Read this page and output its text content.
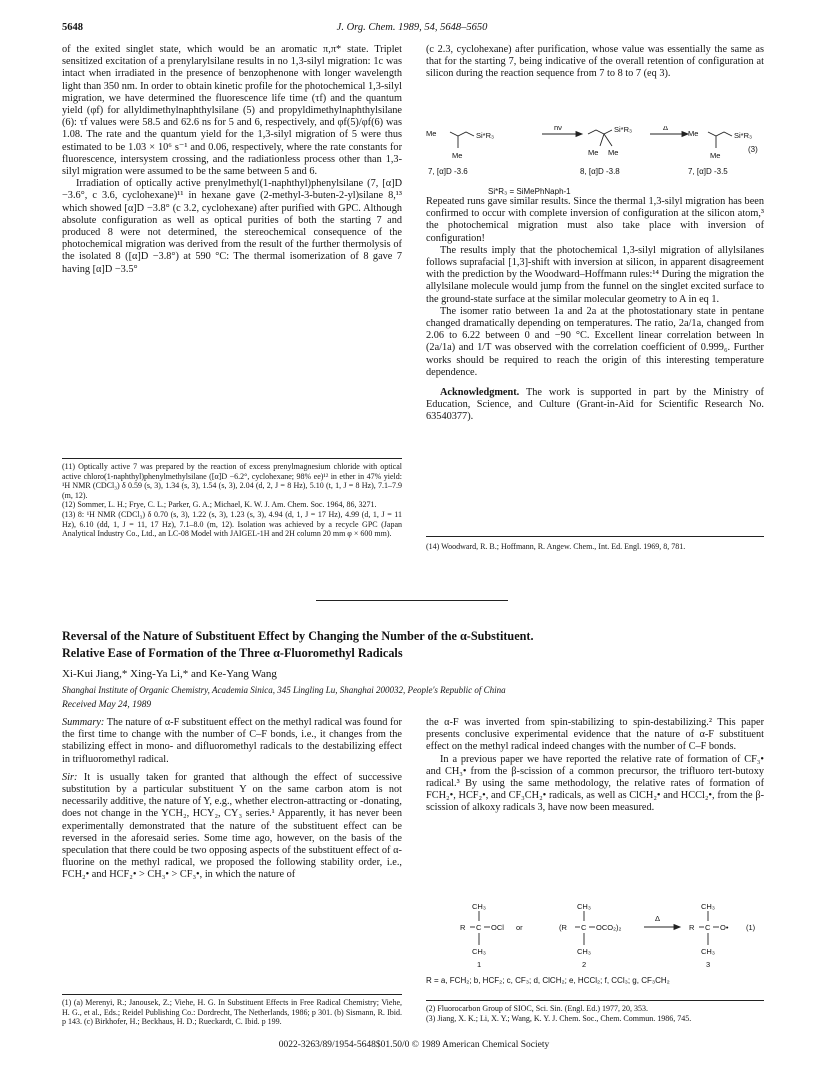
5648	J. Org. Chem. 1989, 54, 5648–5650

of the exited singlet state, which would be an aromatic π,π* state. Triplet sensitized excitation of a prenylarylsilane results in no 1,3-silyl migration: 1c was intact when irradiated in the presence of benzophenone with longer wavelength light than 350 nm. In order to obtain kinetic profile for the photochemical 1,3-silyl migration, we have determined the fluorescence life time (τf) and the quantum yield (φf) for allyldimethylnaphthylsilane (5) and propyldimethylnaphthylsilane (6): τf values were 58.5 and 62.6 ns for 5 and 6, respectively, and φf(5)/φf(6) was 1.08. The rate and the quantum yield for the 1,3-silyl migration of 5 were thus estimated to be 1.03 × 10⁶ s⁻¹ and 0.06, respectively, where the rate constants for fluorescence, intersystem crossing, and the radiationless process other than 1,3-silyl migration were assumed to be the same between 5 and 6.

Irradiation of optically active prenylmethyl(1-naphthyl)phenylsilane (7, [α]D −3.6°, c 3.6, cyclohexane)¹¹ in hexane gave (2-methyl-3-buten-2-yl)silane 8,¹³ which showed [α]D −3.8° (c 3.2, cyclohexane) after purified with GPC. Although absolute configuration as well as optical purities of both the starting 7 and produced 8 were not determined, the stereochemical consequence of the photochemical migration was derived from the result of the further thermolysis of the isolated 8 ([α]D −3.8°) at 590 °C: The thermal isomerization of 8 gave 7 having [α]D −3.5°

(11) Optically active 7 was prepared by the reaction of excess prenylmagnesium chloride with optical active chloro(1-naphthyl)phenylmethylsilane ([α]D −6.2°, cyclohexane; 98% ee)¹² in ether in 47% yield: ¹H NMR (CDCl₃) δ 0.59 (s, 3), 1.34 (s, 3), 1.54 (s, 3), 2.04 (d, 2, J = 8 Hz), 5.10 (t, 1, J = 8 Hz), 7.1–7.9 (m, 12).

(12) Sommer, L. H.; Frye, C. L.; Parker, G. A.; Michael, K. W. J. Am. Chem. Soc. 1964, 86, 3271.

(13) 8: ¹H NMR (CDCl₃) δ 0.70 (s, 3), 1.22 (s, 3), 1.23 (s, 3), 4.94 (d, 1, J = 17 Hz), 4.99 (d, 1, J = 11 Hz), 6.10 (dd, 1, J = 11, 17 Hz), 7.1–8.0 (m, 12). Isolation was achieved by a recycle GPC (Japan Analytical Industry Co., Ltd., an LC-08 Model with JAIGEL-1H and 2H column 20 mm φ × 600 mm).

(c 2.3, cyclohexane) after purification, whose value was essentially the same as that for the starting 7, being indicative of the overall retention of configuration at silicon during the reaction sequence from 7 to 8 to 7 (eq 3).

Me	Si*R₃
Me
hν	Si*R₃
Me Me
Δ
Me	Si*R₃
Me
7, [α]D -3.6	8, [α]D -3.8	7, [α]D -3.5
(3)
Si*R₃ = SiMePhNaph-1

Repeated runs gave similar results. Since the thermal 1,3-silyl migration has been confirmed to occur with complete inversion of configuration at the silicon atom,³ the photochemical migration must also take place with inversion of configuration!

The results imply that the photochemical 1,3-silyl migration of allylsilanes follows suprafacial [1,3]-shift with inversion at silicon, in apparent disagreement with the prediction by the Woodward–Hoffmann rules:¹⁴ During the migration the allylsilane molecule would jump from the funnel on the singlet excited surface to the ground-state surface at the similar molecular geometry to A in eq 1.

The isomer ratio between 1a and 2a at the photostationary state in pentane changed dramatically depending on temperatures. The ratio, 2a/1a, changed from 2.06 to 6.22 between 0 and −90 °C. Excellent linear correlation between ln (2a/1a) and 1/T was observed with the correlation coefficient of 0.999₆. Further works should be required to reach the origin of this interesting temperature dependence.

Acknowledgment. The work is supported in part by the Ministry of Education, Science, and Culture (Grant-in-Aid for Scientific Research No. 63540377).

(14) Woodward, R. B.; Hoffmann, R. Angew. Chem., Int. Ed. Engl. 1969, 8, 781.

Reversal of the Nature of Substituent Effect by Changing the Number of the α-Substituent.
Relative Ease of Formation of the Three α-Fluoromethyl Radicals
Xi-Kui Jiang,* Xing-Ya Li,* and Ke-Yang Wang
Shanghai Institute of Organic Chemistry, Academia Sinica, 345 Lingling Lu, Shanghai 200032, People's Republic of China
Received May 24, 1989

Summary: The nature of α-F substituent effect on the methyl radical was found for the first time to change with the number of C–F bonds, i.e., it changes from the stabilizing effect in mono- and difluoromethyl radicals to the destabilizing effect in trifluoromethyl radical.

Sir: It is usually taken for granted that although the effect of successive substitution by a particular substituent Y on the same carbon atom is not necessarily additive, the nature of Y, e.g., whether electron-attracting or -donating, does not change in the YCH₂, HCY₂, CY₃ series.¹ Apparently, it has never been experimentally demonstrated that the nature of the substituent effect can be reversed in the aforesaid series. Some time ago, however, on the basis of the speculation that there could be two opposing aspects of the substituent effect of α-fluorine on the methyl radical, we proposed the following stability order, i.e., FCH₂• and HCF₂• > CH₃• > CF₃•, in which the nature of

(1) (a) Merenyi, R.; Janousek, Z.; Viehe, H. G. In Substituent Effects in Free Radical Chemistry; Viehe, H. G., et al., Eds.; Reidel Publishing Co.: Dordrecht, The Netherlands, 1986; p 301. (b) Sismann, R. Ibid. p 143. (c) Birkhofer, H.; Beckhaus, H. D.; Rueckardt, C. Ibid. p 199.

the α-F was inverted from spin-stabilizing to spin-destabilizing.² This paper presents conclusive experimental evidence that the nature of α-F substituent effect on the methyl radical indeed changes with the number of C–F bonds.

In a previous paper we have reported the relative rate of formation of CF₃• and CH₃• from the β-scission of a common precursor, the trifluoro tert-butoxy radical.³ By using the same methodology, the relative rates of formation of FCH₂•, HCF₂•, and CF₃CH₂• radicals, as well as ClCH₂• and HCCl₂•, from the β-scission of alkoxy radicals 3, have now been measured.

CH₃
R C OCl
CH₃
1
or
CH₃
(R C OCO₂)₂
CH₃
2
Δ
CH₃
R C O•
CH₃
3
(1)
R = a, FCH₂; b, HCF₂; c, CF₃; d, ClCH₂; e, HCCl₂; f, CCl₃; g, CF₃CH₂

(2) Fluorocarbon Group of SIOC, Sci. Sin. (Engl. Ed.) 1977, 20, 353.

(3) Jiang, X. K.; Li, X. Y.; Wang, K. Y. J. Chem. Soc., Chem. Commun. 1986, 745.

0022-3263/89/1954-5648$01.50/0 © 1989 American Chemical Society
